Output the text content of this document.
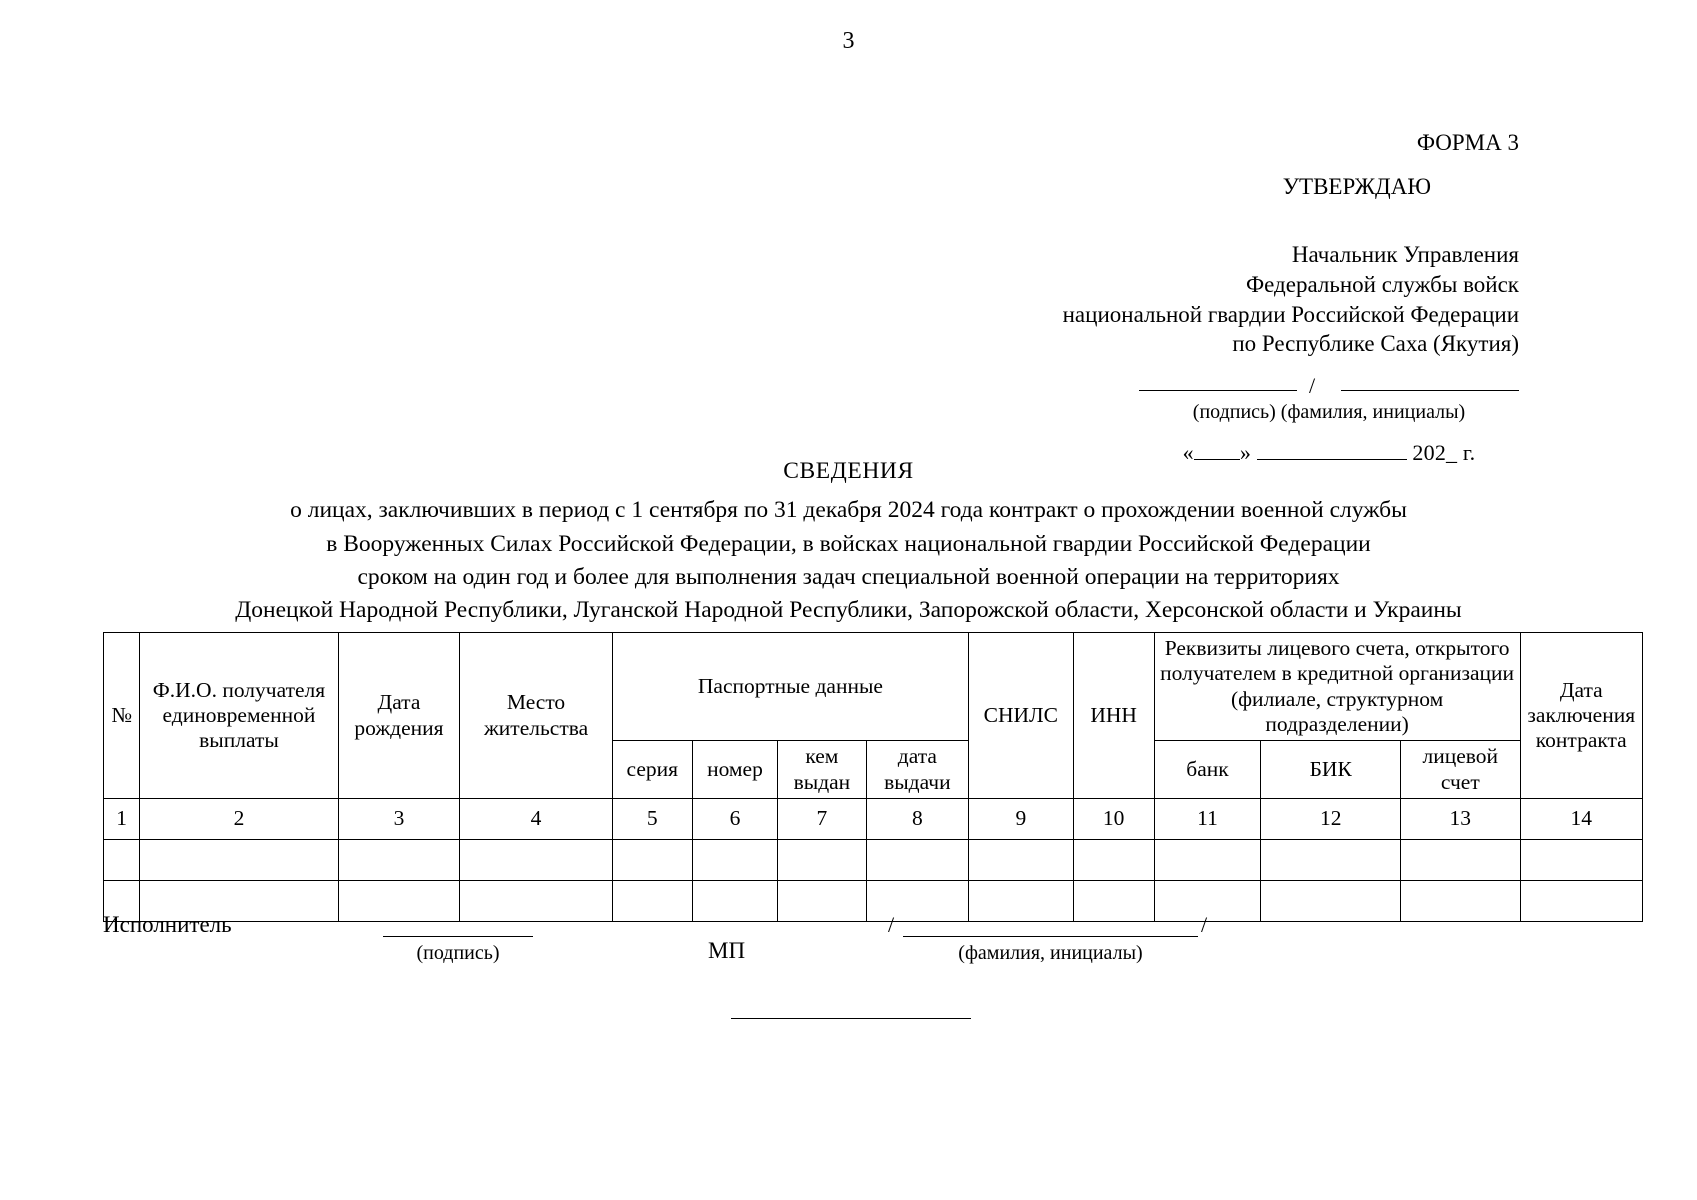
3
ФОРМА 3
УТВЕРЖДАЮ
Начальник Управления
Федеральной службы войск
национальной гвардии Российской Федерации
по Республике Саха (Якутия)
/
(подпись) (фамилия, инициалы)
« »	202_ г.
СВЕДЕНИЯ
о лицах, заключивших в период с 1 сентября по 31 декабря 2024 года контракт о прохождении военной службы
в Вооруженных Силах Российской Федерации, в войсках национальной гвардии Российской Федерации
сроком на один год и более для выполнения задач специальной военной операции на территориях
Донецкой Народной Республики, Луганской Народной Республики, Запорожской области, Херсонской области и Украины
№	Ф.И.О. получателя единовременной выплаты	Дата рождения	Место жительства	Паспортные данные				СНИЛС	ИНН	Реквизиты лицевого счета, открытого получателем в кредитной организации (филиале, структурном подразделении)			Дата заключения контракта
				серия	номер	кем выдан	дата выдачи			банк	БИК	лицевой счет	
1	2	3	4	5	6	7	8	9	10	11	12	13	14

Исполнитель
МП
/	/
(подпись)	(фамилия, инициалы)
